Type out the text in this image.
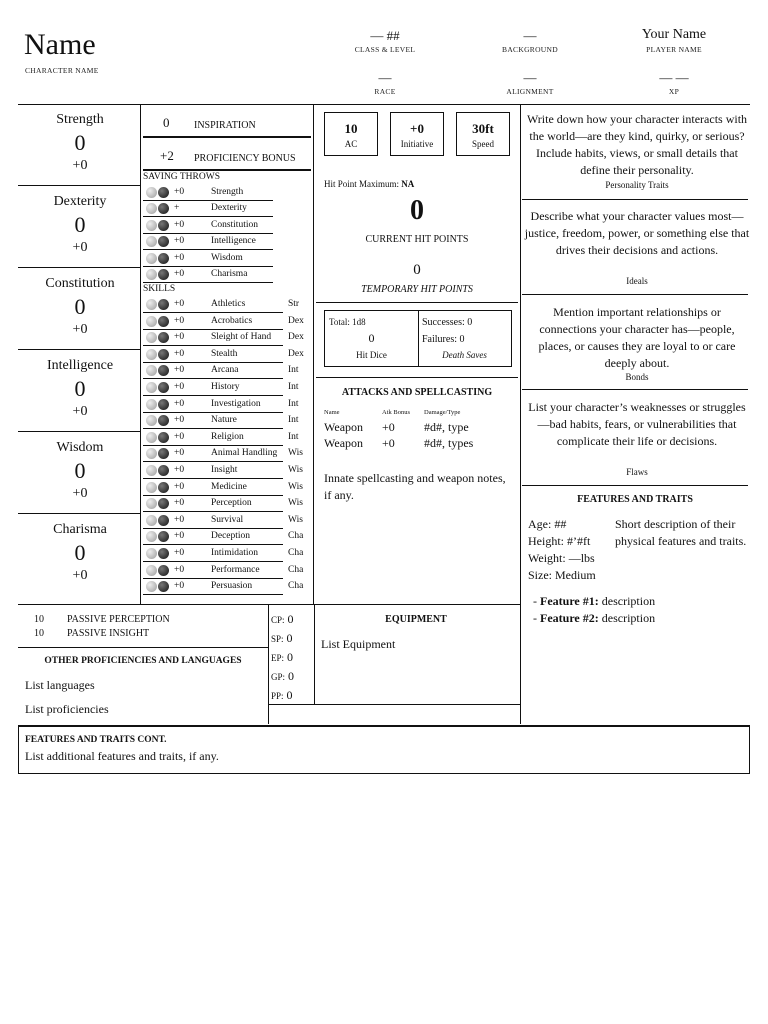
Name
CHARACTER NAME
— ##
CLASS & LEVEL
—
BACKGROUND
Your Name
PLAYER NAME
—
RACE
—
ALIGNMENT
— —
XP
Strength
0
+0
Dexterity
0
+0
Constitution
0
+0
Intelligence
0
+0
Wisdom
0
+0
Charisma
0
+0
0 INSPIRATION
+2 PROFICIENCY BONUS
SAVING THROWS
+0	Strength
+	Dexterity
+0	Constitution
+0	Intelligence
+0	Wisdom
+0	Charisma
SKILLS
+0	Athletics	Str
+0	Acrobatics	Dex
+0	Sleight of Hand Dex
+0	Stealth	Dex
+0	Arcana	Int
+0	History	Int
+0	Investigation	Int
+0	Nature	Int
+0	Religion	Int
+0	Animal Handling Wis
+0	Insight	Wis
+0	Medicine	Wis
+0	Perception	Wis
+0	Survival	Wis
+0	Deception	Cha
+0	Intimidation	Cha
+0	Performance	Cha
+0	Persuasion	Cha
10
AC
+0
Initiative
30ft
Speed
Hit Point Maximum: NA
0
CURRENT HIT POINTS
0
TEMPORARY HIT POINTS
Total: 1d8
0
Hit Dice
Successes: 0
Failures: 0
Death Saves
ATTACKS AND SPELLCASTING
Name	Atk Bonus Damage/Type
Weapon +0 #d#, type
Weapon +0 #d#, types
Innate spellcasting and weapon notes, if any.
Write down how your character interacts with the world—are they kind, quirky, or serious? Include habits, views, or small details that define their personality.
Personality Traits
Describe what your character values most—justice, freedom, power, or something else that drives their decisions and actions.
Ideals
Mention important relationships or connections your character has—people, places, or causes they are loyal to or care deeply about.
Bonds
List your character’s weaknesses or struggles—bad habits, fears, or vulnerabilities that complicate their life or decisions.
Flaws
FEATURES AND TRAITS
Age: ##
Height: #’#ft
Weight: —lbs
Size: Medium
Short description of their physical features and traits.
- Feature #1: description
- Feature #2: description
10 PASSIVE PERCEPTION
10 PASSIVE INSIGHT
OTHER PROFICIENCIES AND LANGUAGES
List languages
List proficiencies
CP: 0
SP: 0
EP: 0
GP: 0
PP: 0
EQUIPMENT
List Equipment
FEATURES AND TRAITS CONT.
List additional features and traits, if any.
